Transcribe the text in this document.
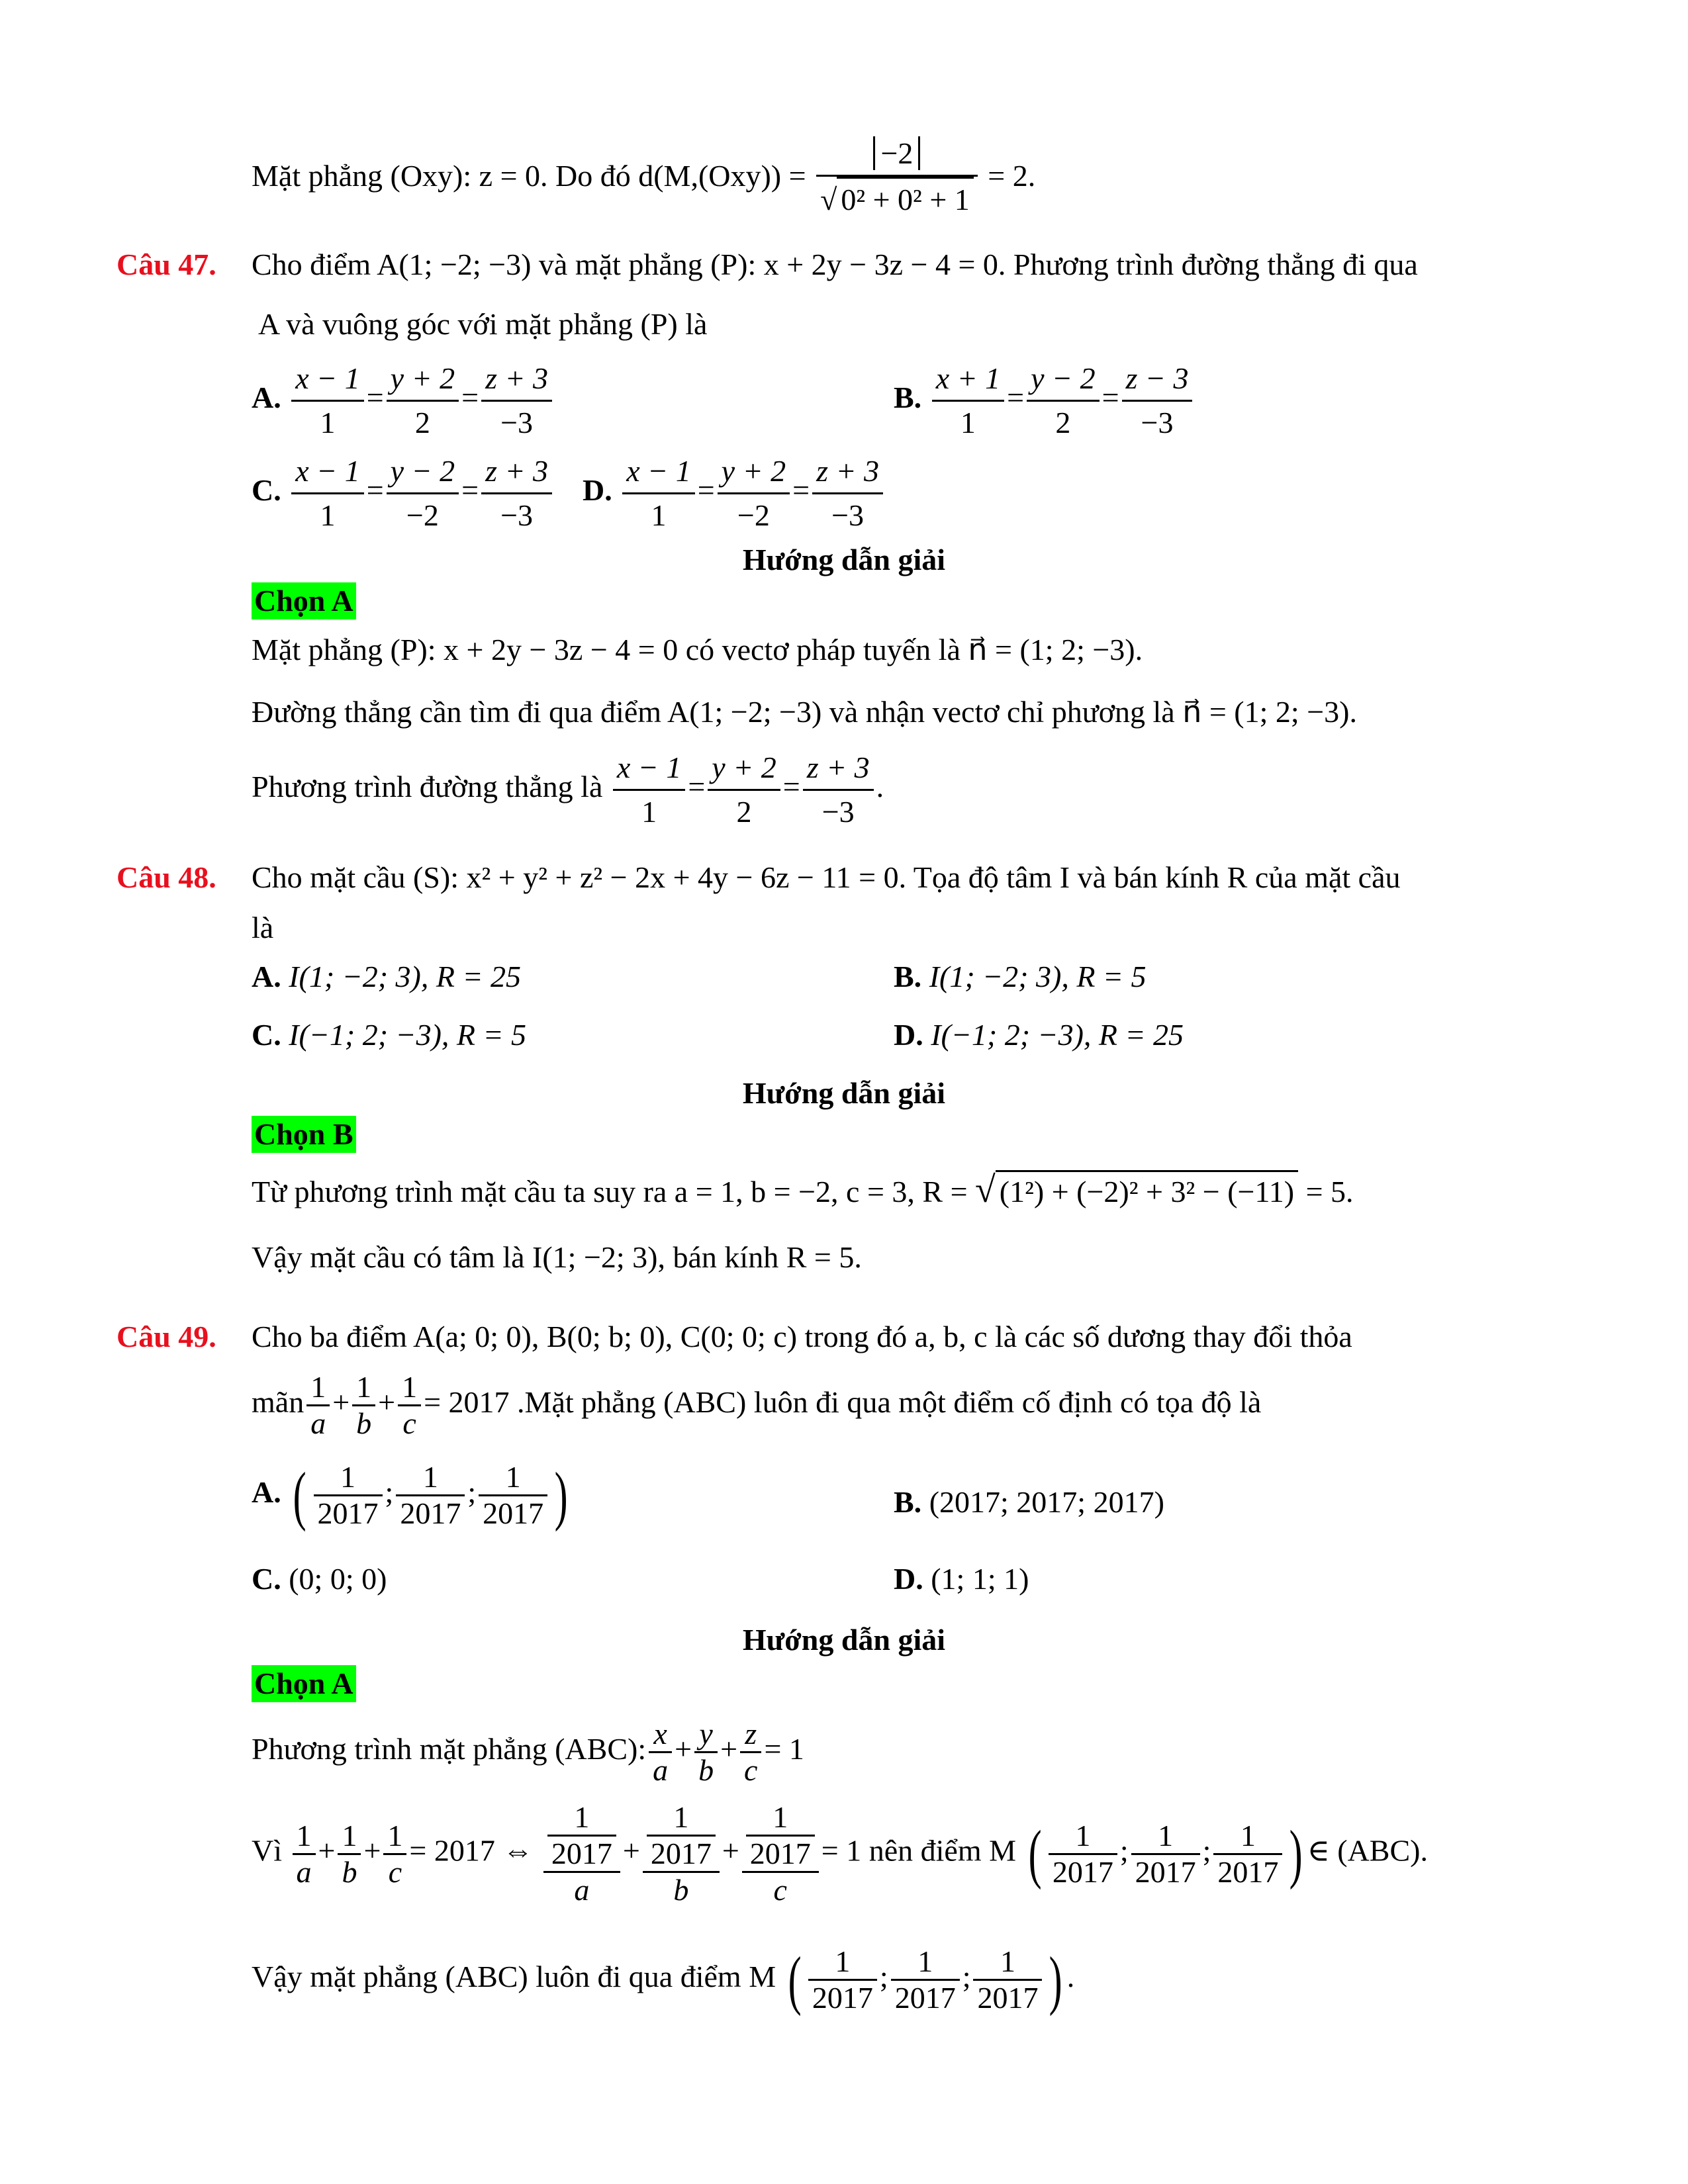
Mặt phẳng (Oxy): z = 0. Do đó $d(M,(Oxy)) = \frac{-2}{\text{√ 0² + 0² + 1}} = 2$.
Câu 47. Cho điểm A(1; −2; −3) và mặt phẳng (P): x + 2y − 3z − 4 = 0. Phương trình đường thẳng đi qua
A và vuông góc với mặt phẳng (P) là
A. $\frac{x - 1}{1} = \frac{y + 2}{2} = \frac{z + 3}{-3}$	B. $\frac{x + 1}{1} = \frac{y - 2}{2} = \frac{z - 3}{-3}$
C. $\frac{x - 1}{1} = \frac{y - 2}{-2} = \frac{z + 3}{-3} D$. $\frac{x - 1}{1} = \frac{y + 2}{-2} = \frac{z + 3}{-3}$
Hướng dẫn giải
Chọn A
Mặt phẳng (P): x + 2y − 3z − 4 = 0 có vectơ pháp tuyến là n⃗ = (1; 2; −3).
Đường thẳng cần tìm đi qua điểm A(1; −2; −3) và nhận vectơ chỉ phương là n⃗ = (1; 2; −3).
Phương trình đường thẳng là $\frac{x - 1}{1} = \frac{y + 2}{2} = \frac{z + 3}{-3}$ .
Câu 48. Cho mặt cầu (S): x² + y² + z² − 2x + 4y − 6z − 11 = 0. Tọa độ tâm I và bán kính R của mặt cầu
là
A. I(1; −2; 3), R = 25	B. I(1; −2; 3), R = 5
C. I(−1; 2; −3), R = 5	D. I(−1; 2; −3), R = 25
Hướng dẫn giải
Chọn B
Từ phương trình mặt cầu ta suy ra a = 1, b = −2, c = 3, R = √ (1²) + (−2)² + 3² − (−11) = 5.
Vậy mặt cầu có tâm là I(1; −2; 3), bán kính R = 5.
Câu 49. Cho ba điểm A(a; 0; 0), B(0; b; 0), C(0; 0; c) trong đó a, b, c là các số dương thay đổi thỏa
mãn $\frac{1}{a} + \frac{1}{b} + \frac{1}{c} = 2017$ .Mặt phẳng (ABC) luôn đi qua một điểm cố định có tọa độ là
A. ( $\frac{1}{2017}$ ; $\frac{1}{2017}$ ; $\frac{1}{2017}$ )	B. (2017; 2017; 2017)
C. (0; 0; 0)	D. (1; 1; 1)
Hướng dẫn giải
Chọn A
Phương trình mặt phẳng (ABC): $\frac{x}{a} + \frac{y}{b} + \frac{z}{c} = 1$
Vì $\frac{1}{a} + \frac{1}{b} + \frac{1}{c} = 2017$ ⇔ $\frac{\frac{1}{2017}}{a} + \frac{\frac{1}{2017}}{b} + \frac{\frac{1}{2017}}{c} = 1$ nên điểm M ( $\frac{1}{2017}$ ; $\frac{1}{2017}$ ; $\frac{1}{2017}$ ) ∈ (ABC).
Vậy mặt phẳng (ABC) luôn đi qua điểm M ( $\frac{1}{2017}$ ; $\frac{1}{2017}$ ; $\frac{1}{2017}$ ) .
